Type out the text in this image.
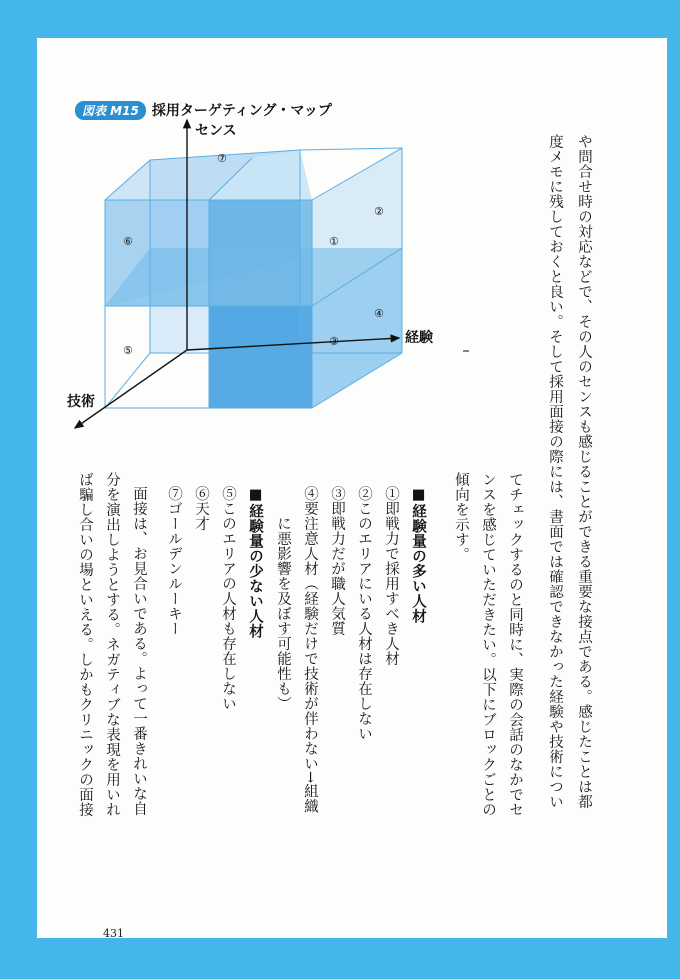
図表 M15 採用ターゲティング・マップ
センス
経験
技術
①
②
③
④
⑤
⑥
⑦	や問合せ時の対応などで、その人のセンスも感じることができる重要な接点である。感じたことは都
度メモに残しておくと良い。そして採用面接の際には、書面では確認できなかった経験や技術につい
てチェックするのと同時に、実際の会話のなかでセ
ンスを感じていただきたい。以下にブロックごとの
傾向を示す。
■経験量の多い人材
①即戦力で採用すべき人材
②このエリアにいる人材は存在しない
③即戦力だが職人気質
④要注意人材（経験だけで技術が伴わない→組織
に悪影響を及ぼす可能性も）
■経験量の少ない人材
⑤このエリアの人材も存在しない
⑥天才
⑦ゴールデンルーキー
面接は、お見合いである。よって一番きれいな自
分を演出しようとする。ネガティブな表現を用いれ
ば騙し合いの場といえる。しかもクリニックの面接
431
